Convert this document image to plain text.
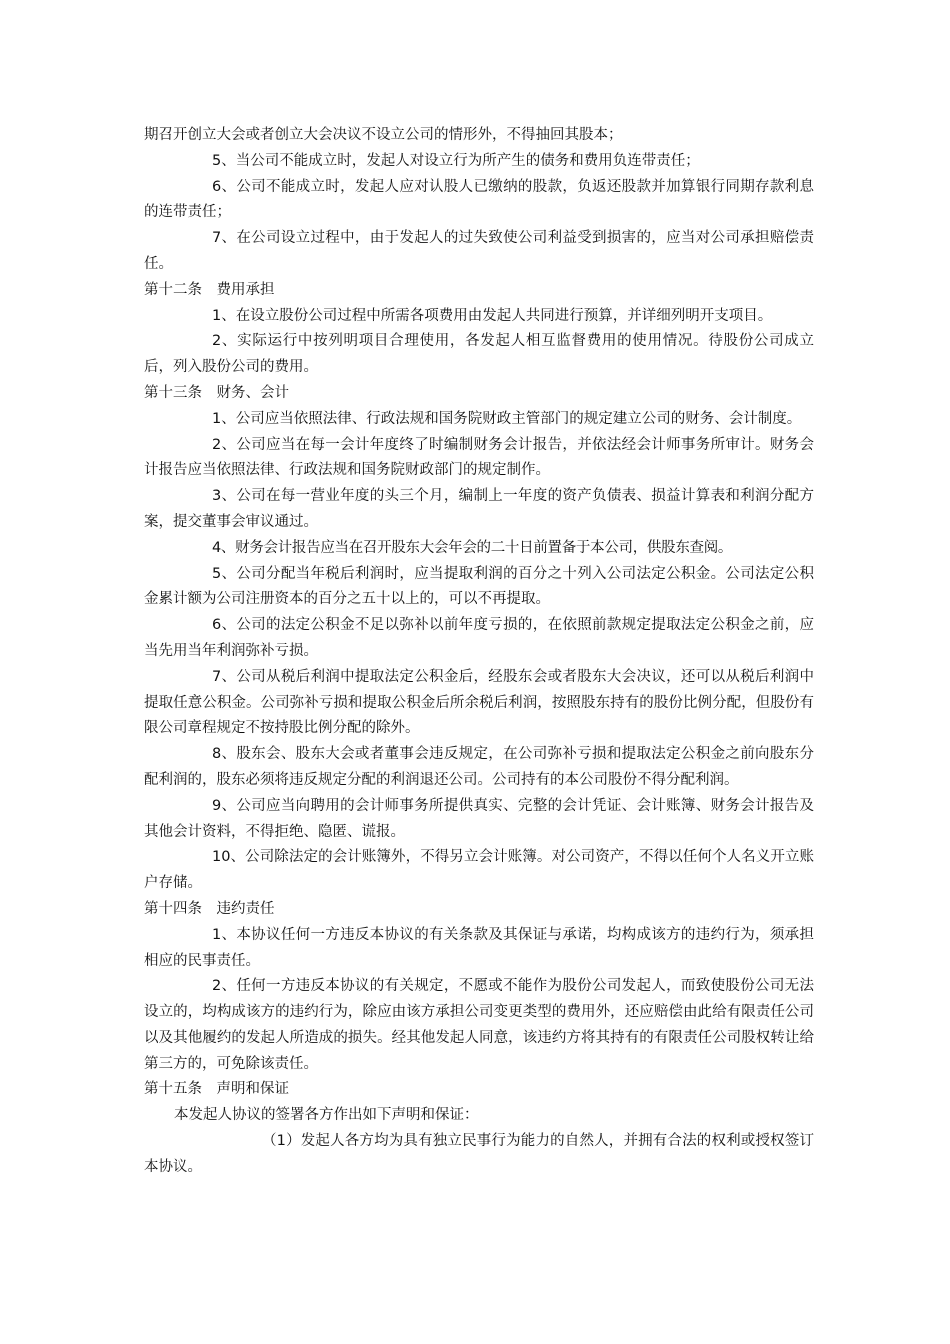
期召开创立大会或者创立大会决议不设立公司的情形外，不得抽回其股本；

5、当公司不能成立时，发起人对设立行为所产生的债务和费用负连带责任；

6、公司不能成立时，发起人应对认股人已缴纳的股款，负返还股款并加算银行同期存款利息的连带责任；

7、在公司设立过程中，由于发起人的过失致使公司利益受到损害的，应当对公司承担赔偿责任。

第十二条　费用承担

1、在设立股份公司过程中所需各项费用由发起人共同进行预算，并详细列明开支项目。

2、实际运行中按列明项目合理使用，各发起人相互监督费用的使用情况。待股份公司成立后，列入股份公司的费用。

第十三条　财务、会计

1、公司应当依照法律、行政法规和国务院财政主管部门的规定建立公司的财务、会计制度。

2、公司应当在每一会计年度终了时编制财务会计报告，并依法经会计师事务所审计。财务会计报告应当依照法律、行政法规和国务院财政部门的规定制作。

3、公司在每一营业年度的头三个月，编制上一年度的资产负债表、损益计算表和利润分配方案，提交董事会审议通过。

4、财务会计报告应当在召开股东大会年会的二十日前置备于本公司，供股东查阅。

5、公司分配当年税后利润时，应当提取利润的百分之十列入公司法定公积金。公司法定公积金累计额为公司注册资本的百分之五十以上的，可以不再提取。

6、公司的法定公积金不足以弥补以前年度亏损的，在依照前款规定提取法定公积金之前，应当先用当年利润弥补亏损。

7、公司从税后利润中提取法定公积金后，经股东会或者股东大会决议，还可以从税后利润中提取任意公积金。公司弥补亏损和提取公积金后所余税后利润，按照股东持有的股份比例分配，但股份有限公司章程规定不按持股比例分配的除外。

8、股东会、股东大会或者董事会违反规定，在公司弥补亏损和提取法定公积金之前向股东分配利润的，股东必须将违反规定分配的利润退还公司。公司持有的本公司股份不得分配利润。

9、公司应当向聘用的会计师事务所提供真实、完整的会计凭证、会计账簿、财务会计报告及其他会计资料，不得拒绝、隐匿、谎报。

10、公司除法定的会计账簿外，不得另立会计账簿。对公司资产，不得以任何个人名义开立账户存储。

第十四条　违约责任

1、本协议任何一方违反本协议的有关条款及其保证与承诺，均构成该方的违约行为，须承担相应的民事责任。

2、任何一方违反本协议的有关规定，不愿或不能作为股份公司发起人，而致使股份公司无法设立的，均构成该方的违约行为，除应由该方承担公司变更类型的费用外，还应赔偿由此给有限责任公司以及其他履约的发起人所造成的损失。经其他发起人同意，该违约方将其持有的有限责任公司股权转让给第三方的，可免除该责任。

第十五条　声明和保证

本发起人协议的签署各方作出如下声明和保证：

（1）发起人各方均为具有独立民事行为能力的自然人，并拥有合法的权利或授权签订本协议。
